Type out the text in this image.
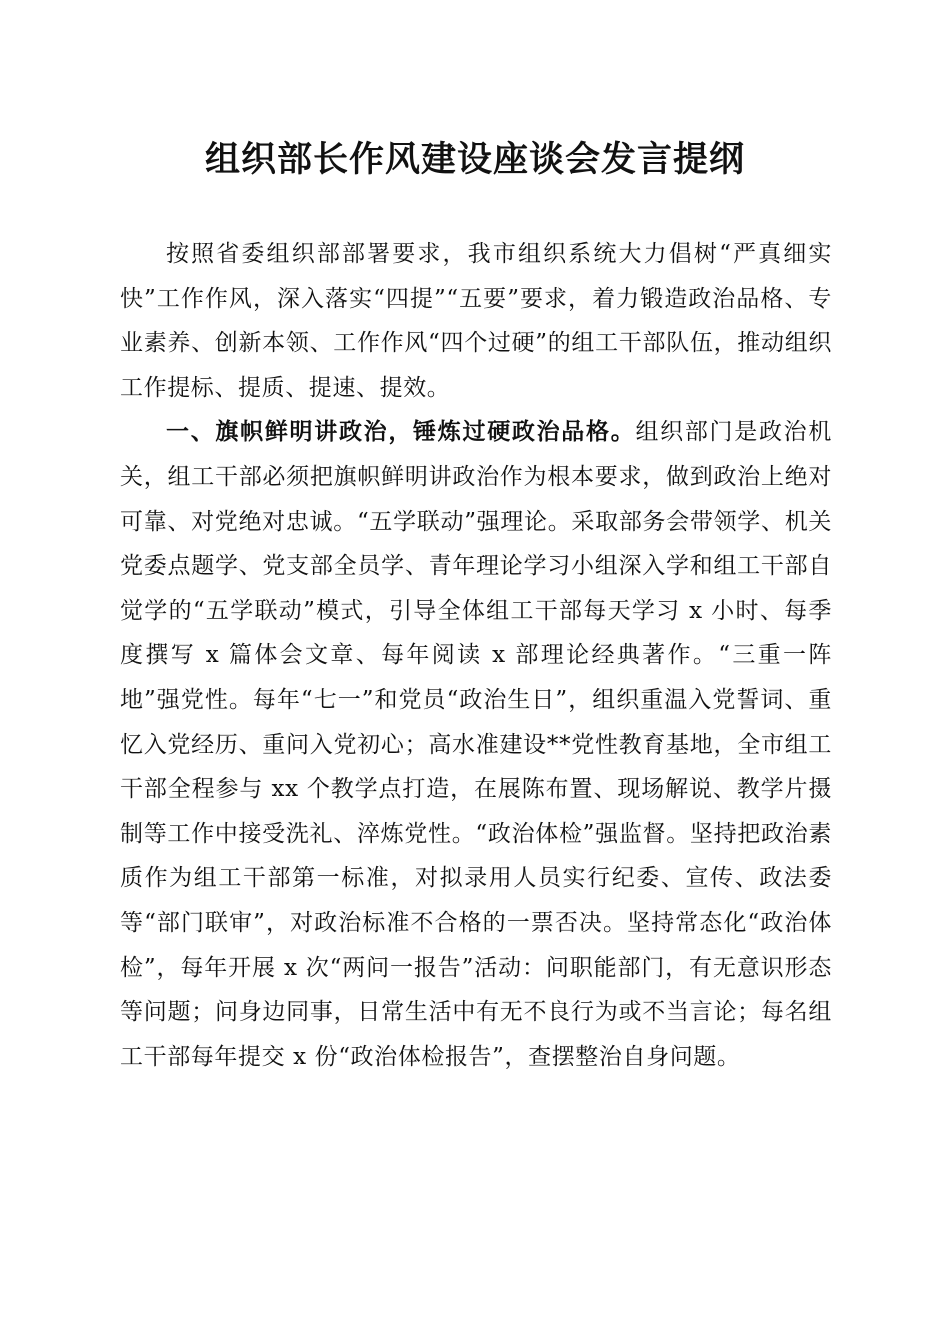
组织部长作风建设座谈会发言提纲

按照省委组织部部署要求，我市组织系统大力倡树“严真细实快”工作作风，深入落实“四提”“五要”要求，着力锻造政治品格、专业素养、创新本领、工作作风“四个过硬”的组工干部队伍，推动组织工作提标、提质、提速、提效。

一、旗帜鲜明讲政治，锤炼过硬政治品格。组织部门是政治机关，组工干部必须把旗帜鲜明讲政治作为根本要求，做到政治上绝对可靠、对党绝对忠诚。“五学联动”强理论。采取部务会带领学、机关党委点题学、党支部全员学、青年理论学习小组深入学和组工干部自觉学的“五学联动”模式，引导全体组工干部每天学习 x 小时、每季度撰写 x 篇体会文章、每年阅读 x 部理论经典著作。“三重一阵地”强党性。每年“七一”和党员“政治生日”，组织重温入党誓词、重忆入党经历、重问入党初心；高水准建设**党性教育基地，全市组工干部全程参与 xx 个教学点打造，在展陈布置、现场解说、教学片摄制等工作中接受洗礼、淬炼党性。“政治体检”强监督。坚持把政治素质作为组工干部第一标准，对拟录用人员实行纪委、宣传、政法委等“部门联审”，对政治标准不合格的一票否决。坚持常态化“政治体检”，每年开展 x 次“两问一报告”活动：问职能部门，有无意识形态等问题；问身边同事，日常生活中有无不良行为或不当言论；每名组工干部每年提交 x 份“政治体检报告”，查摆整治自身问题。
